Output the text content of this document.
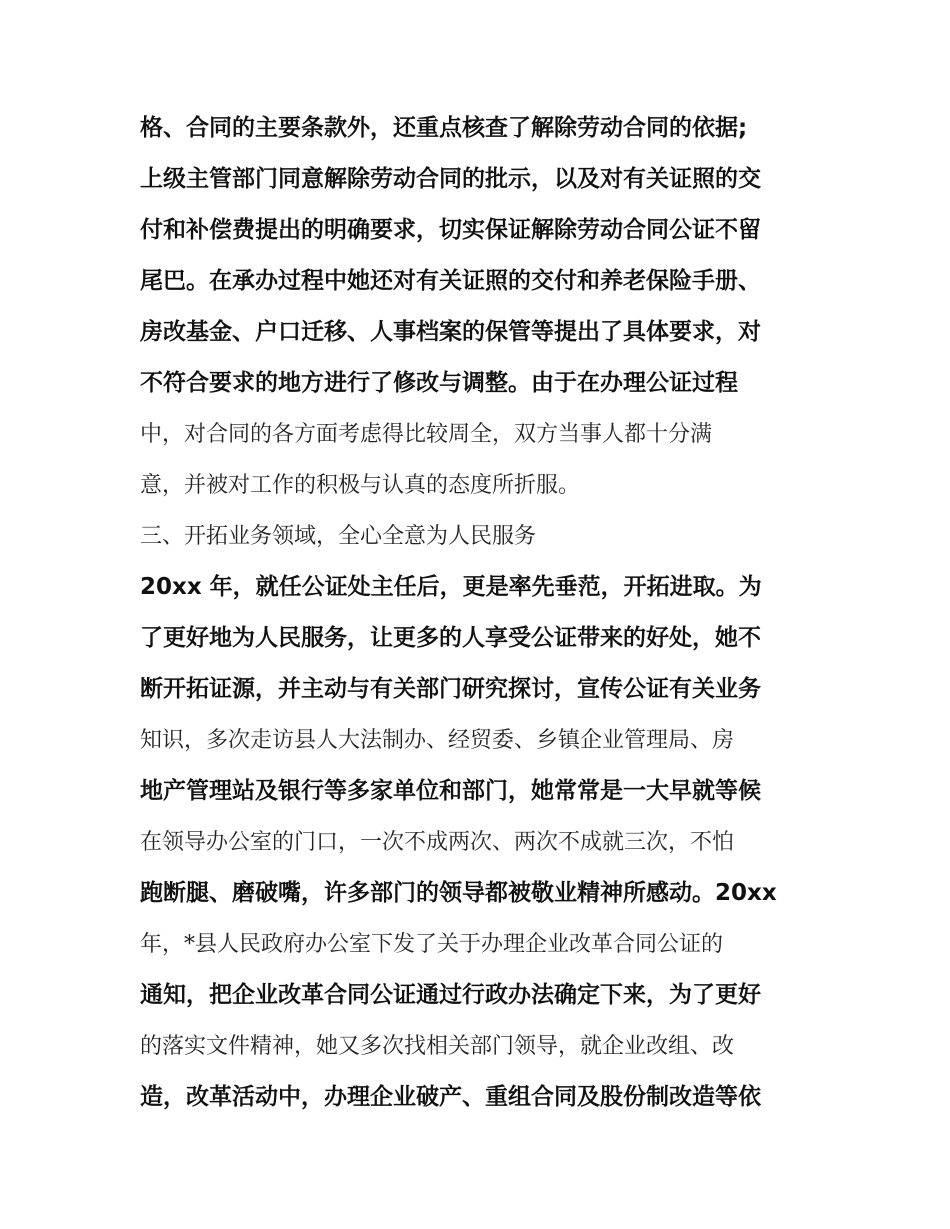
格、合同的主要条款外，还重点核查了解除劳动合同的依据;
上级主管部门同意解除劳动合同的批示，以及对有关证照的交
付和补偿费提出的明确要求，切实保证解除劳动合同公证不留
尾巴。在承办过程中她还对有关证照的交付和养老保险手册、
房改基金、户口迁移、人事档案的保管等提出了具体要求，对
不符合要求的地方进行了修改与调整。由于在办理公证过程
中，对合同的各方面考虑得比较周全，双方当事人都十分满
意，并被对工作的积极与认真的态度所折服。
三、开拓业务领域，全心全意为人民服务
20xx 年，就任公证处主任后，更是率先垂范，开拓进取。为
了更好地为人民服务，让更多的人享受公证带来的好处，她不
断开拓证源，并主动与有关部门研究探讨，宣传公证有关业务
知识，多次走访县人大法制办、经贸委、乡镇企业管理局、房
地产管理站及银行等多家单位和部门，她常常是一大早就等候
在领导办公室的门口，一次不成两次、两次不成就三次，不怕
跑断腿、磨破嘴，许多部门的领导都被敬业精神所感动。20xx
年，*县人民政府办公室下发了关于办理企业改革合同公证的
通知，把企业改革合同公证通过行政办法确定下来，为了更好
的落实文件精神，她又多次找相关部门领导，就企业改组、改
造，改革活动中，办理企业破产、重组合同及股份制改造等依
